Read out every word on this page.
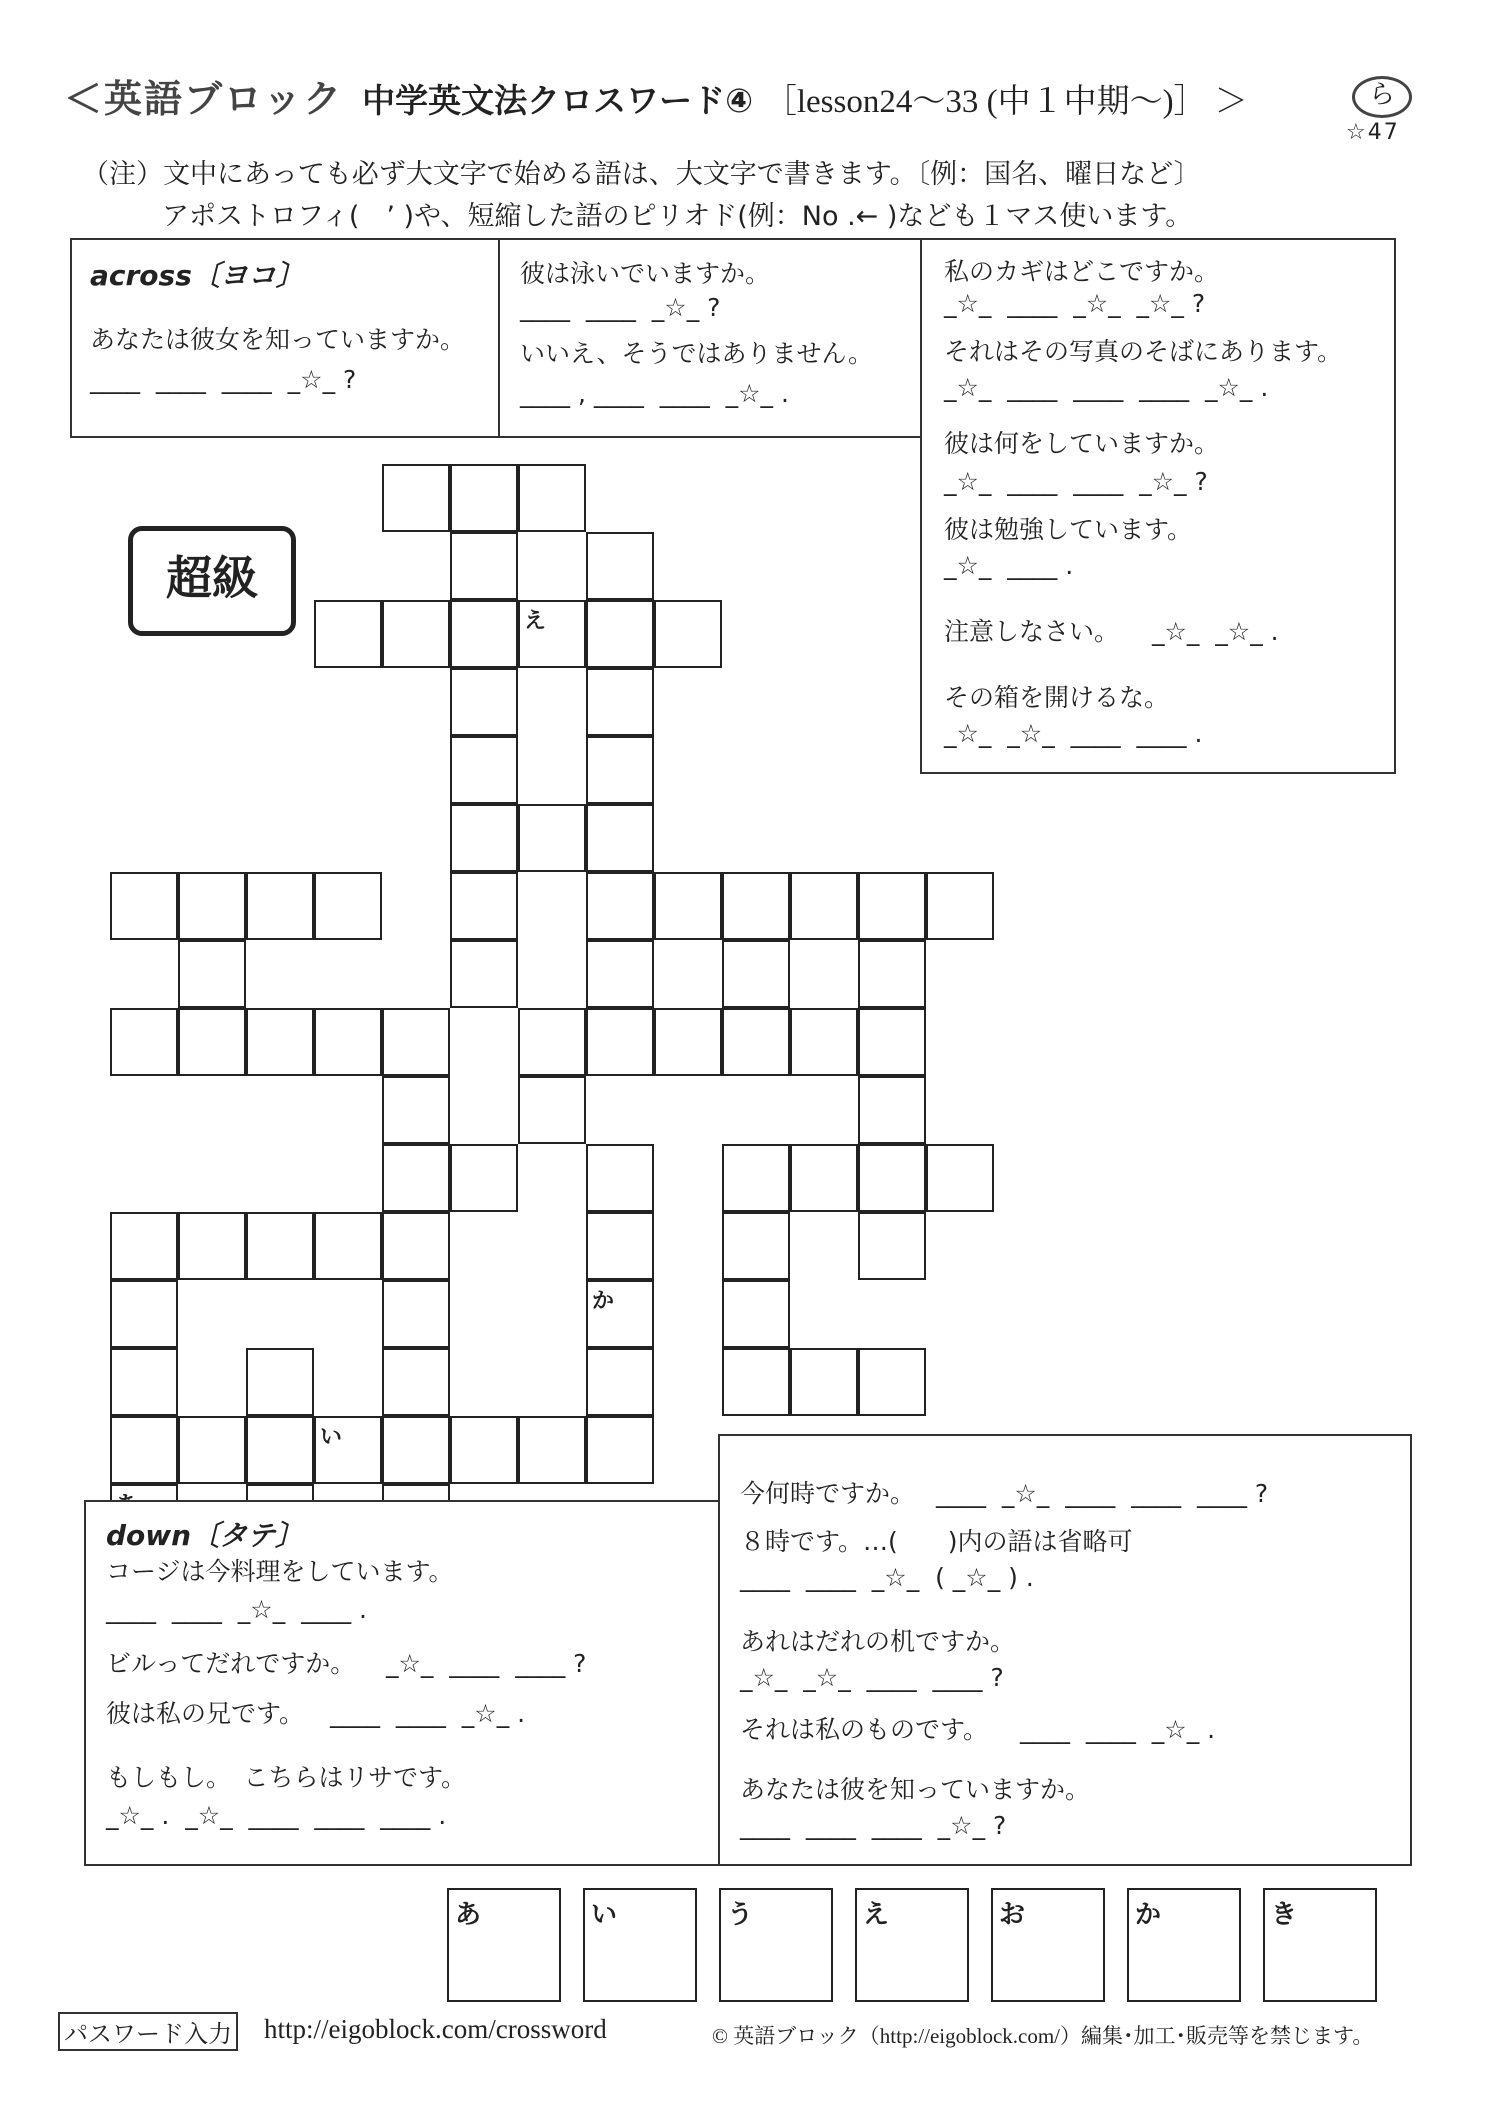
＜英語ブロック 中学英文法クロスワード④ ［lesson24〜33 (中１中期〜)］ ＞	ら
☆47
（注）文中にあっても必ず大文字で始める語は、大文字で書きます。〔例：国名、曜日など〕
アポストロフィ(　’ )や、短縮した語のピリオド(例：No .← )なども１マス使います。
across〔ヨコ〕
あなたは彼女を知っていますか。
____  ____  ____  _☆_ ?
彼は泳いでいますか。
____  ____  _☆_ ?
いいえ、そうではありません。
____ , ____  ____  _☆_ .
私のカギはどこですか。
_☆_  ____  _☆_  _☆_ ?
それはその写真のそばにあります。
_☆_  ____  ____  ____  _☆_ .
彼は何をしていますか。
_☆_  ____  ____  _☆_ ?
彼は勉強しています。
_☆_  ____ .
注意しなさい。 _☆_  _☆_ .
その箱を開けるな。
_☆_  _☆_  ____  ____ .
超級
え
か
い
down〔タテ〕
コージは今料理をしています。
____  ____  _☆_  ____ .
ビルってだれですか。 _☆_  ____  ____ ?
彼は私の兄です。 ____  ____  _☆_ .
もしもし。　こちらはリサです。
_☆_ .  _☆_  ____  ____  ____ .
今何時ですか。 ____  _☆_  ____  ____  ____ ?
８時です。…(　　)内の語は省略可
____  ____  _☆_  ( _☆_ ) .
あれはだれの机ですか。
_☆_  _☆_  ____  ____ ?
それは私のものです。 ____  ____  _☆_ .
あなたは彼を知っていますか。
____  ____  ____  _☆_ ?
あ	い	う	え	お	か	き
パスワード入力 http://eigoblock.com/crossword	© 英語ブロック（http://eigoblock.com/）編集･加工･販売等を禁じます。
